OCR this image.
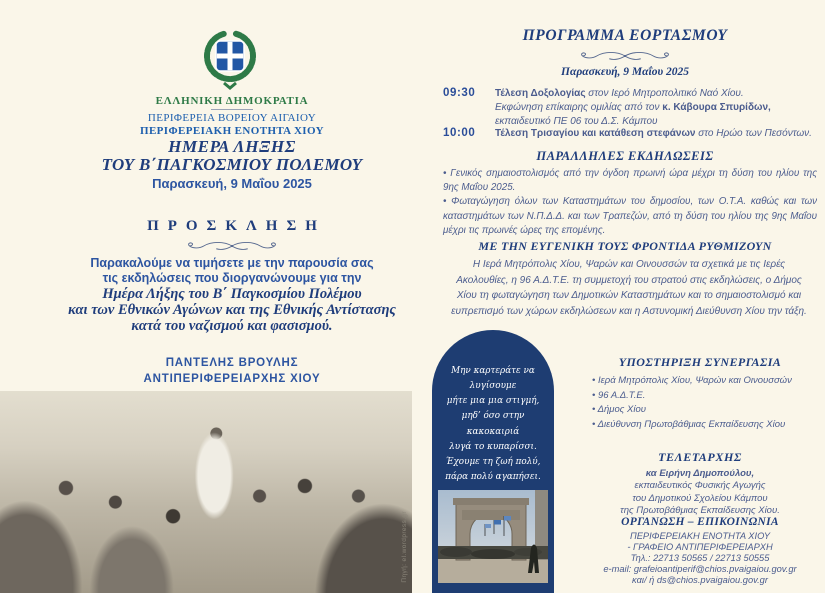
ΕΛΛΗΝΙΚΗ ΔΗΜΟΚΡΑΤΙΑ
ΠΕΡΙΦΕΡΕΙΑ ΒΟΡΕΙΟΥ ΑΙΓΑΙΟΥ
ΠΕΡΙΦΕΡΕΙΑΚΗ ΕΝΟΤΗΤΑ ΧΙΟΥ
ΗΜΕΡΑ ΛΗΞΗΣ
ΤΟΥ Β΄ΠΑΓΚΟΣΜΙΟΥ ΠΟΛΕΜΟΥ
Παρασκευή, 9 Μαΐου 2025
ΠΡΟΣΚΛΗΣΗ
Παρακαλούμε να τιμήσετε με την παρουσία σας
τις εκδηλώσεις που διοργανώνουμε για την
Ημέρα Λήξης του Β΄ Παγκοσμίου Πολέμου
και των Εθνικών Αγώνων και της Εθνικής Αντίστασης
κατά του ναζισμού και φασισμού.
ΠΑΝΤΕΛΗΣ ΒΡΟΥΛΗΣ
ΑΝΤΙΠΕΡΙΦΕΡΕΙΑΡΧΗΣ ΧΙΟΥ
Πηγή: el.wordpress.gr
ΠΡΟΓΡΑΜΜΑ ΕΟΡΤΑΣΜΟΥ
Παρασκευή, 9 Μαΐου 2025
09:30	Τέλεση Δοξολογίας στον Ιερό Μητροπολιτικό Ναό Χίου.
Εκφώνηση επίκαιρης ομιλίας από τον κ. Κάβουρα Σπυρίδων, εκπαιδευτικό ΠΕ 06 του Δ.Σ. Κάμπου
10:00	Τέλεση Τρισαγίου και κατάθεση στεφάνων στο Ηρώο των Πεσόντων.
ΠΑΡΑΛΛΗΛΕΣ ΕΚΔΗΛΩΣΕΙΣ
• Γενικός σημαιοστολισμός από την όγδοη πρωινή ώρα μέχρι τη δύση του ηλίου της 9ης Μαΐου 2025.
• Φωταγώγηση όλων των Καταστημάτων του δημοσίου, των Ο.Τ.Α. καθώς και των καταστημάτων των Ν.Π.Δ.Δ. και των Τραπεζών, από τη δύση του ηλίου της 9ης Μαΐου μέχρι τις πρωινές ώρες της επομένης.
ΜΕ ΤΗΝ ΕΥΓΕΝΙΚΗ ΤΟΥΣ ΦΡΟΝΤΙΔΑ ΡΥΘΜΙΖΟΥΝ
Η Ιερά Μητρόπολις Χίου, Ψαρών και Οινουσσών τα σχετικά με τις Ιερές Ακολουθίες, η 96 Α.Δ.Τ.Ε. τη συμμετοχή του στρατού στις εκδηλώσεις, ο Δήμος Χίου τη φωταγώγηση των Δημοτικών Καταστημάτων και το σημαιοστολισμό και ευπρεπισμό των χώρων εκδηλώσεων και η Αστυνομική Διεύθυνση Χίου την τάξη.
Μην καρτεράτε να λυγίσουμε
μήτε μια μια στιγμή,
μηδ’ όσο στην κακοκαιριά
λυγά το κυπαρίσσι.
Έχουμε τη ζωή πολύ,
πάρα πολύ αγαπήσει.
ΥΠΟΣΤΗΡΙΞΗ ΣΥΝΕΡΓΑΣΙΑ
• Ιερά Μητρόπολις Χίου, Ψαρών και Οινουσσών
• 96 Α.Δ.Τ.Ε.
• Δήμος Χίου
• Διεύθυνση Πρωτοβάθμιας Εκπαίδευσης Χίου
ΤΕΛΕΤΑΡΧΗΣ
κα Ειρήνη Δημοπούλου,
εκπαιδευτικός Φυσικής Αγωγής
του Δημοτικού Σχολείου Κάμπου
της Πρωτοβάθμιας Εκπαίδευσης Χίου.
ΟΡΓΑΝΩΣΗ – ΕΠΙΚΟΙΝΩΝΙΑ
ΠΕΡΙΦΕΡΕΙΑΚΗ ΕΝΟΤΗΤΑ ΧΙΟΥ
- ΓΡΑΦΕΙΟ ΑΝΤΙΠΕΡΙΦΕΡΕΙΑΡΧΗ
Τηλ.: 22713 50565 / 22713 50555
e-mail: grafeioantiperif@chios.pvaigaiou.gov.gr
και/ ή ds@chios.pvaigaiou.gov.gr
